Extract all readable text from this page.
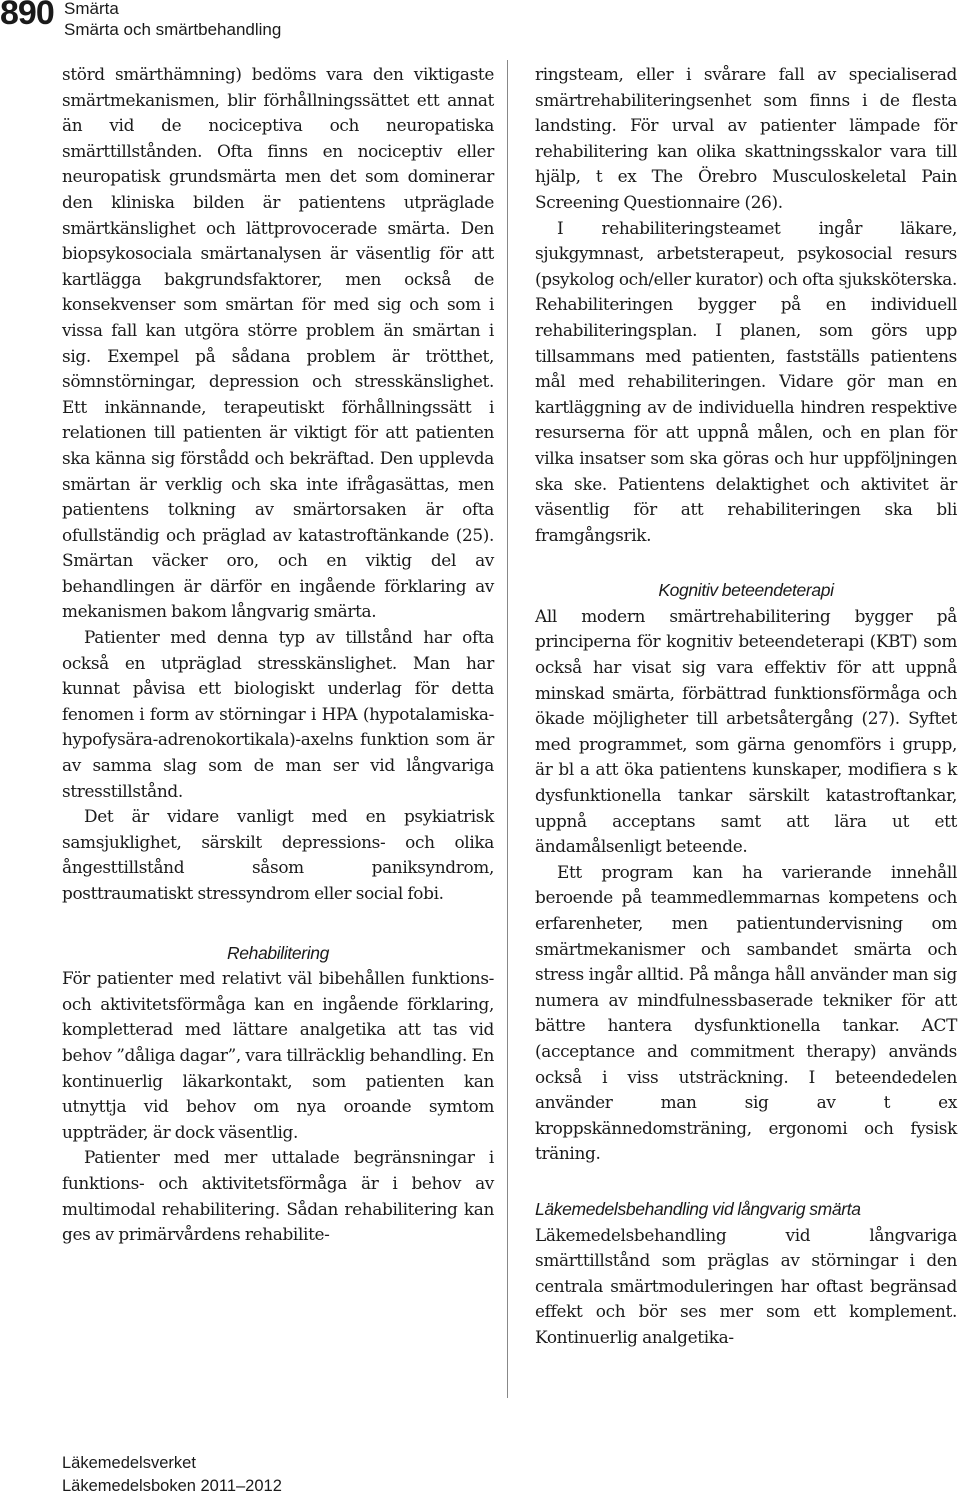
890 Smärta
Smärta och smärtbehandling

störd smärthämning) bedöms vara den viktigaste smärtmekanismen, blir förhållningssättet ett annat än vid de nociceptiva och neuropatiska smärttillstånden. Ofta finns en nociceptiv eller neuropatisk grundsmärta men det som dominerar den kliniska bilden är patientens utpräglade smärtkänslighet och lättprovocerade smärta. Den biopsykosociala smärtanalysen är väsentlig för att kartlägga bakgrundsfaktorer, men också de konsekvenser som smärtan för med sig och som i vissa fall kan utgöra större problem än smärtan i sig. Exempel på sådana problem är trötthet, sömnstörningar, depression och stresskänslighet. Ett inkännande, terapeutiskt förhållningssätt i relationen till patienten är viktigt för att patienten ska känna sig förstådd och bekräftad. Den upplevda smärtan är verklig och ska inte ifrågasättas, men patientens tolkning av smärtorsaken är ofta ofullständig och präglad av katastroftänkande (25). Smärtan väcker oro, och en viktig del av behandlingen är därför en ingående förklaring av mekanismen bakom långvarig smärta.

Patienter med denna typ av tillstånd har ofta också en utpräglad stresskänslighet. Man har kunnat påvisa ett biologiskt underlag för detta fenomen i form av störningar i HPA (hypotalamiska-hypofysära-adrenokortikala)-axelns funktion som är av samma slag som de man ser vid långvariga stresstillstånd.

Det är vidare vanligt med en psykiatrisk samsjuklighet, särskilt depressions- och olika ångesttillstånd såsom paniksyndrom, posttraumatiskt stressyndrom eller social fobi.

Rehabilitering

För patienter med relativt väl bibehållen funktions- och aktivitetsförmåga kan en ingående förklaring, kompletterad med lättare analgetika att tas vid behov ”dåliga dagar”, vara tillräcklig behandling. En kontinuerlig läkarkontakt, som patienten kan utnyttja vid behov om nya oroande symtom uppträder, är dock väsentlig.

Patienter med mer uttalade begränsningar i funktions- och aktivitetsförmåga är i behov av multimodal rehabilitering. Sådan rehabilitering kan ges av primärvårdens rehabilite-

ringsteam, eller i svårare fall av specialiserad smärtrehabiliteringsenhet som finns i de flesta landsting. För urval av patienter lämpade för rehabilitering kan olika skattningsskalor vara till hjälp, t ex The Örebro Musculoskeletal Pain Screening Questionnaire (26).

I rehabiliteringsteamet ingår läkare, sjukgymnast, arbetsterapeut, psykosocial resurs (psykolog och/eller kurator) och ofta sjuksköterska. Rehabiliteringen bygger på en individuell rehabiliteringsplan. I planen, som görs upp tillsammans med patienten, fastställs patientens mål med rehabiliteringen. Vidare gör man en kartläggning av de individuella hindren respektive resurserna för att uppnå målen, och en plan för vilka insatser som ska göras och hur uppföljningen ska ske. Patientens delaktighet och aktivitet är väsentlig för att rehabiliteringen ska bli framgångsrik.

Kognitiv beteendeterapi

All modern smärtrehabilitering bygger på principerna för kognitiv beteendeterapi (KBT) som också har visat sig vara effektiv för att uppnå minskad smärta, förbättrad funktionsförmåga och ökade möjligheter till arbetsåtergång (27). Syftet med programmet, som gärna genomförs i grupp, är bl a att öka patientens kunskaper, modifiera s k dysfunktionella tankar särskilt katastroftankar, uppnå acceptans samt att lära ut ett ändamålsenligt beteende.

Ett program kan ha varierande innehåll beroende på teammedlemmarnas kompetens och erfarenheter, men patientundervisning om smärtmekanismer och sambandet smärta och stress ingår alltid. På många håll använder man sig numera av mindfulnessbaserade tekniker för att bättre hantera dysfunktionella tankar. ACT (acceptance and commitment therapy) används också i viss utsträckning. I beteendedelen använder man sig av t ex kroppskännedomsträning, ergonomi och fysisk träning.

Läkemedelsbehandling vid långvarig smärta

Läkemedelsbehandling vid långvariga smärttillstånd som präglas av störningar i den centrala smärtmoduleringen har oftast begränsad effekt och bör ses mer som ett komplement. Kontinuerlig analgetika-

Läkemedelsverket
Läkemedelsboken 2011–2012
